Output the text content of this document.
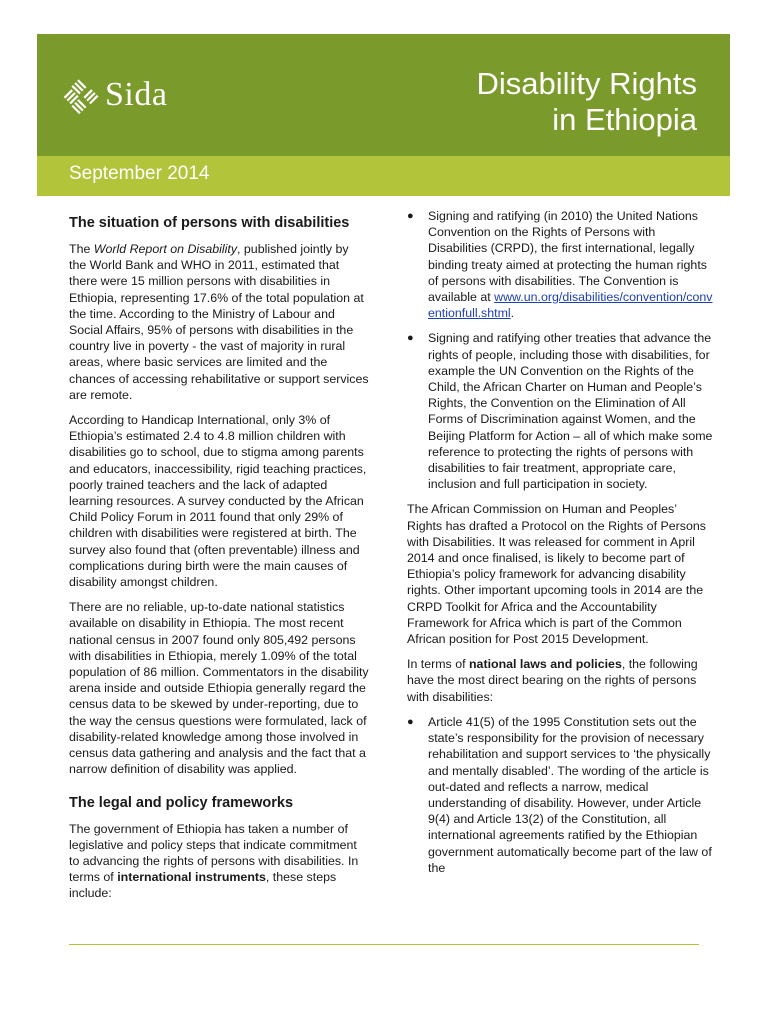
Sida	Disability Rights
in Ethiopia
September 2014
The situation of persons with disabilities

The World Report on Disability, published jointly by the World Bank and WHO in 2011, estimated that there were 15 million persons with disabilities in Ethiopia, representing 17.6% of the total population at the time. According to the Ministry of Labour and Social Affairs, 95% of persons with disabilities in the country live in poverty - the vast of majority in rural areas, where basic services are limited and the chances of accessing rehabilitative or support services are remote.

According to Handicap International, only 3% of Ethiopia’s estimated 2.4 to 4.8 million children with disabilities go to school, due to stigma among parents and educators, inaccessibility, rigid teaching practices, poorly trained teachers and the lack of adapted learning resources. A survey conducted by the African Child Policy Forum in 2011 found that only 29% of children with disabilities were registered at birth. The survey also found that (often preventable) illness and complications during birth were the main causes of disability amongst children.

There are no reliable, up-to-date national statistics available on disability in Ethiopia. The most recent national census in 2007 found only 805,492 persons with disabilities in Ethiopia, merely 1.09% of the total population of 86 million. Commentators in the disability arena inside and outside Ethiopia generally regard the census data to be skewed by under-reporting, due to the way the census questions were formulated, lack of disability-related knowledge among those involved in census data gathering and analysis and the fact that a narrow definition of disability was applied.

The legal and policy frameworks

The government of Ethiopia has taken a number of legislative and policy steps that indicate commitment to advancing the rights of persons with disabilities. In terms of international instruments, these steps include:

● Signing and ratifying (in 2010) the United Nations Convention on the Rights of Persons with Disabilities (CRPD), the first international, legally binding treaty aimed at protecting the human rights of persons with disabilities. The Convention is available at www.un.org/disabilities/convention/conventionfull.shtml.
● Signing and ratifying other treaties that advance the rights of people, including those with disabilities, for example the UN Convention on the Rights of the Child, the African Charter on Human and People’s Rights, the Convention on the Elimination of All Forms of Discrimination against Women, and the Beijing Platform for Action – all of which make some reference to protecting the rights of persons with disabilities to fair treatment, appropriate care, inclusion and full participation in society.

The African Commission on Human and Peoples’ Rights has drafted a Protocol on the Rights of Persons with Disabilities. It was released for comment in April 2014 and once finalised, is likely to become part of Ethiopia’s policy framework for advancing disability rights. Other important upcoming tools in 2014 are the CRPD Toolkit for Africa and the Accountability Framework for Africa which is part of the Common African position for Post 2015 Development.

In terms of national laws and policies, the following have the most direct bearing on the rights of persons with disabilities:

● Article 41(5) of the 1995 Constitution sets out the state’s responsibility for the provision of necessary rehabilitation and support services to ‘the physically and mentally disabled’. The wording of the article is out-dated and reflects a narrow, medical understanding of disability. However, under Article 9(4) and Article 13(2) of the Constitution, all international agreements ratified by the Ethiopian government automatically become part of the law of the
